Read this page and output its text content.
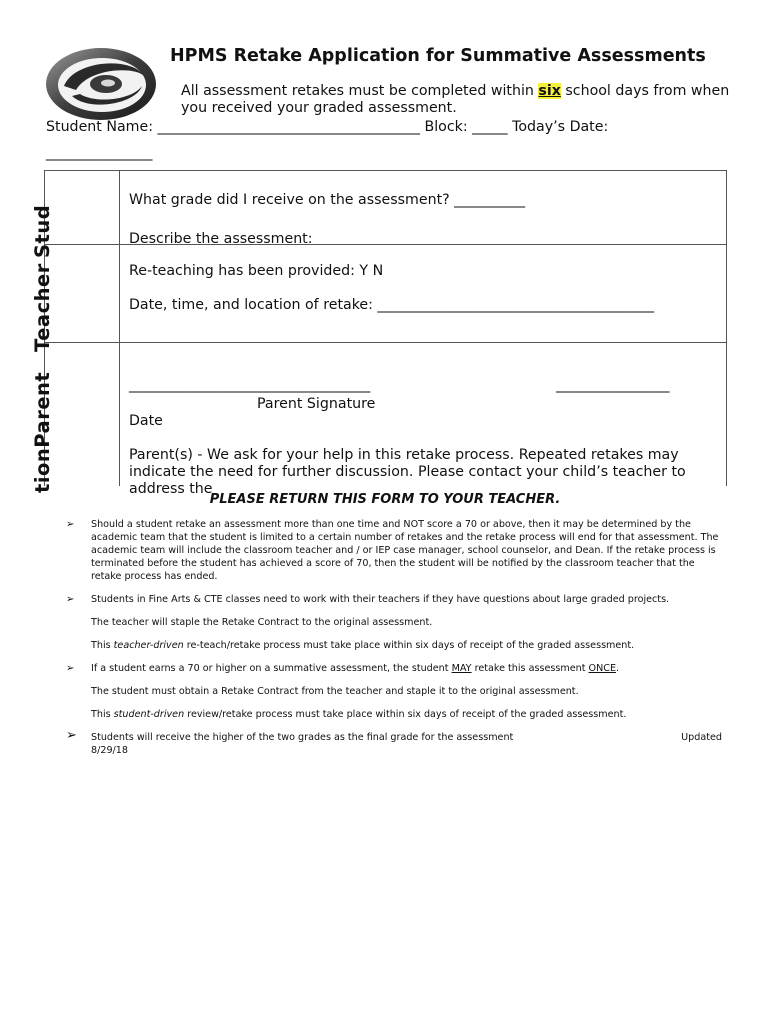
HPMS Retake Application for Summative Assessments
All assessment retakes must be completed within six school days from when you received your graded assessment.
Student Name: _____________________________________ Block: _____ Today’s Date:
_______________
tionParentTeacherStud
What grade did I receive on the assessment? __________
Describe the assessment:
Re-teaching has been provided: Y N
Date, time, and location of retake: _______________________________________
__________________________________	________________
Parent Signature
Date
Parent(s) - We ask for your help in this retake process. Repeated retakes may indicate the need for further discussion. Please contact your child’s teacher to address the
PLEASE RETURN THIS FORM TO YOUR TEACHER.
➢ Should a student retake an assessment more than one time and NOT score a 70 or above, then it may be determined by the academic team that the student is limited to a certain number of retakes and the retake process will end for that assessment. The academic team will include the classroom teacher and / or IEP case manager, school counselor, and Dean. If the retake process is terminated before the student has achieved a score of 70, then the student will be notified by the classroom teacher that the retake process has ended.
➢ Students in Fine Arts & CTE classes need to work with their teachers if they have questions about large graded projects.
The teacher will staple the Retake Contract to the original assessment.
This teacher-driven re-teach/retake process must take place within six days of receipt of the graded assessment.
➢ If a student earns a 70 or higher on a summative assessment, the student MAY retake this assessment ONCE.
The student must obtain a Retake Contract from the teacher and staple it to the original assessment.
This student-driven review/retake process must take place within six days of receipt of the graded assessment.
➢ Students will receive the higher of the two grades as the final grade for the assessment	Updated
8/29/18
